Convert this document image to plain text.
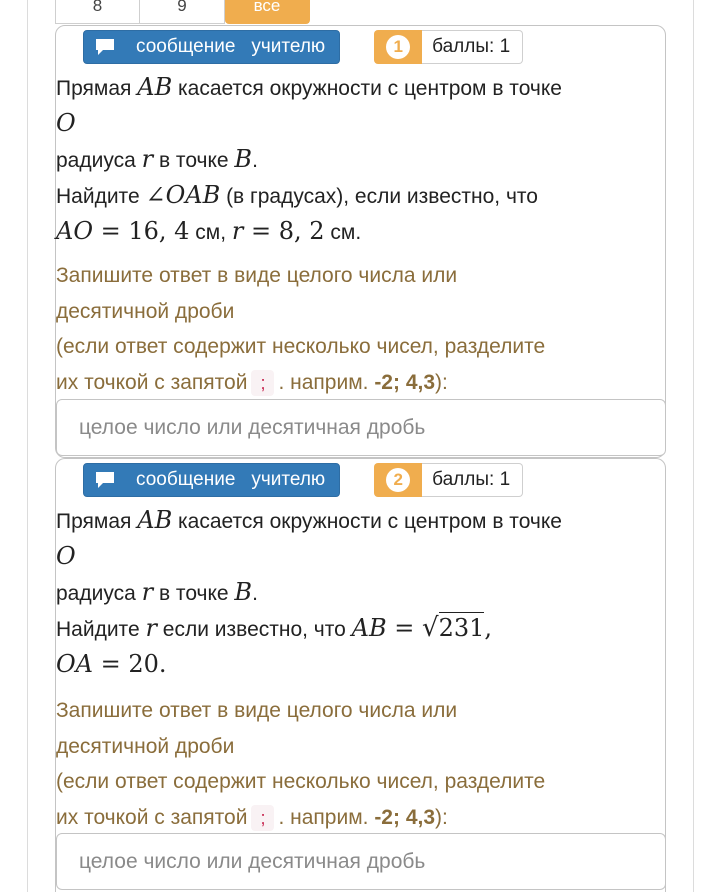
8	9	все
сообщение учителю	1	баллы: 1
Прямая AB касается окружности с центром в точке
O
радиуса r в точке B.
Найдите ∠OAB (в градусах), если известно, что
AO = 16, 4 см, r = 8, 2 см.
Запишите ответ в виде целого числа или
десятичной дроби
(если ответ содержит несколько чисел, разделите
их точкой с запятой ; . наприм. -2; 4,3):
целое число или десятичная дробь
сообщение учителю	2	баллы: 1
Прямая AB касается окружности с центром в точке
O
радиуса r в точке B.
Найдите r если известно, что AB = √231,
OA = 20.
Запишите ответ в виде целого числа или
десятичной дроби
(если ответ содержит несколько чисел, разделите
их точкой с запятой ; . наприм. -2; 4,3):
целое число или десятичная дробь
